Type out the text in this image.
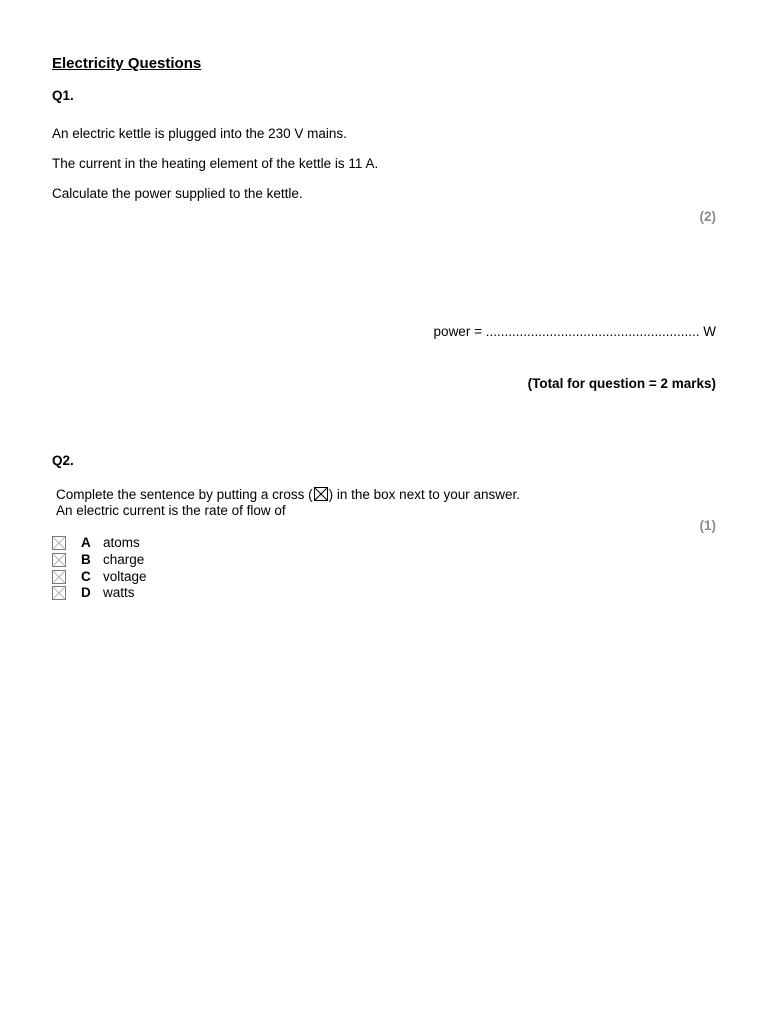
Electricity Questions
Q1.
An electric kettle is plugged into the 230 V mains.
The current in the heating element of the kettle is 11 A.
Calculate the power supplied to the kettle.
(2)
power = ......................................................... W
(Total for question = 2 marks)
Q2.
Complete the sentence by putting a cross (☒) in the box next to your answer.
An electric current is the rate of flow of
(1)
A atoms
B charge
C voltage
D watts
